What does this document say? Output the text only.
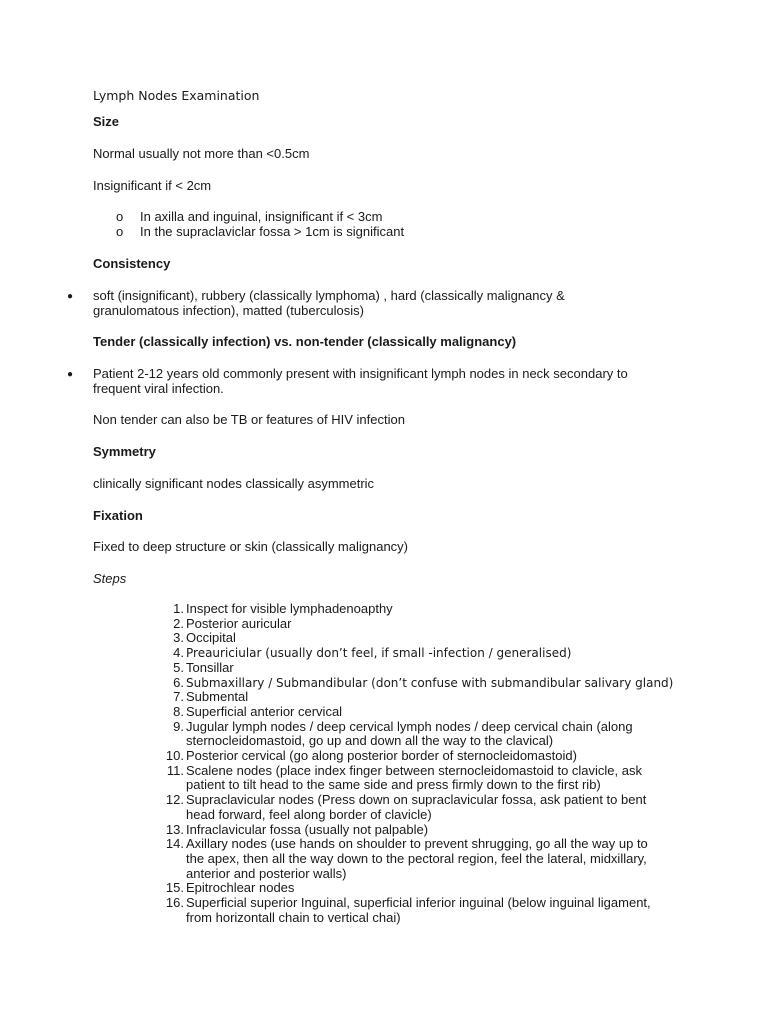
Lymph Nodes Examination
Size
Normal usually not more than <0.5cm
Insignificant if < 2cm
o In axilla and inguinal, insignificant if < 3cm
o In the supraclaviclar fossa > 1cm is significant
Consistency
● soft (insignificant), rubbery (classically lymphoma) , hard (classically malignancy &
granulomatous infection), matted (tuberculosis)
Tender (classically infection) vs. non-tender (classically malignancy)
● Patient 2-12 years old commonly present with insignificant lymph nodes in neck secondary to
frequent viral infection.
Non tender can also be TB or features of HIV infection
Symmetry
clinically significant nodes classically asymmetric
Fixation
Fixed to deep structure or skin (classically malignancy)
Steps
1. Inspect for visible lymphadenoapthy
2. Posterior auricular
3. Occipital
4. Preauriciular (usually don’t feel, if small -infection / generalised)
5. Tonsillar
6. Submaxillary / Submandibular (don’t confuse with submandibular salivary gland)
7. Submental
8. Superficial anterior cervical
9. Jugular lymph nodes / deep cervical lymph nodes / deep cervical chain (along
sternocleidomastoid, go up and down all the way to the clavical)
10. Posterior cervical (go along posterior border of sternocleidomastoid)
11. Scalene nodes (place index finger between sternocleidomastoid to clavicle, ask
patient to tilt head to the same side and press firmly down to the first rib)
12. Supraclavicular nodes (Press down on supraclavicular fossa, ask patient to bent
head forward, feel along border of clavicle)
13. Infraclavicular fossa (usually not palpable)
14. Axillary nodes (use hands on shoulder to prevent shrugging, go all the way up to
the apex, then all the way down to the pectoral region, feel the lateral, midxillary,
anterior and posterior walls)
15. Epitrochlear nodes
16. Superficial superior Inguinal, superficial inferior inguinal (below inguinal ligament,
from horizontall chain to vertical chai)
